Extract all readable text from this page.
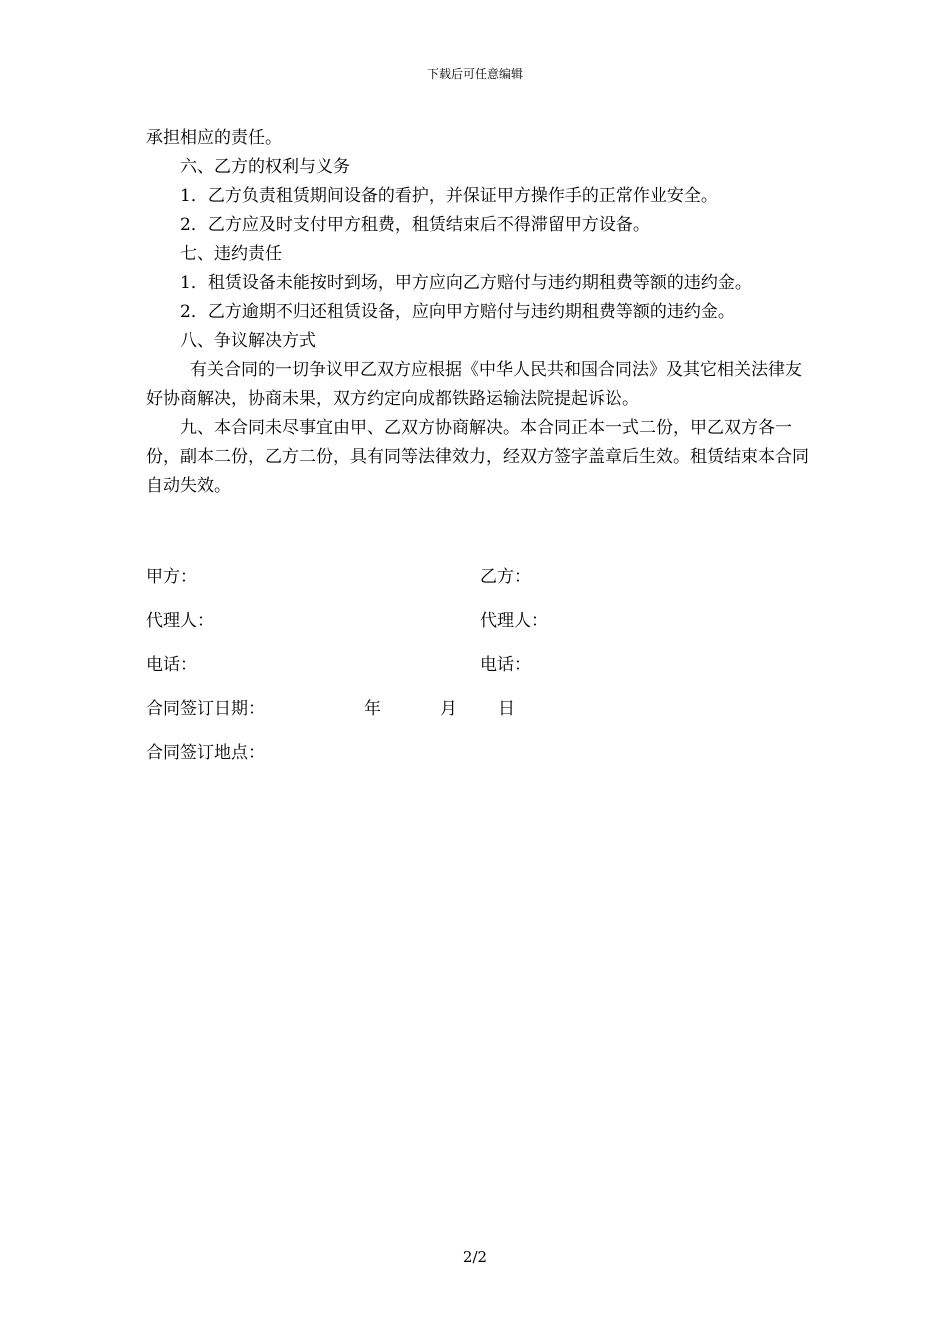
下载后可任意编辑

承担相应的责任。

六、乙方的权利与义务

1．乙方负责租赁期间设备的看护，并保证甲方操作手的正常作业安全。

2．乙方应及时支付甲方租费，租赁结束后不得滞留甲方设备。

七、违约责任

1．租赁设备未能按时到场，甲方应向乙方赔付与违约期租费等额的违约金。

2．乙方逾期不归还租赁设备，应向甲方赔付与违约期租费等额的违约金。

八、争议解决方式

有关合同的一切争议甲乙双方应根据《中华人民共和国合同法》及其它相关法律友好协商解决，协商未果，双方约定向成都铁路运输法院提起诉讼。

九、本合同未尽事宜由甲、乙双方协商解决。本合同正本一式二份，甲乙双方各一份，副本二份，乙方二份，具有同等法律效力，经双方签字盖章后生效。租赁结束本合同自动失效。

甲方：	乙方：
代理人：	代理人：
电话：	电话：
合同签订日期：	年	月 日
合同签订地点：
2/2
